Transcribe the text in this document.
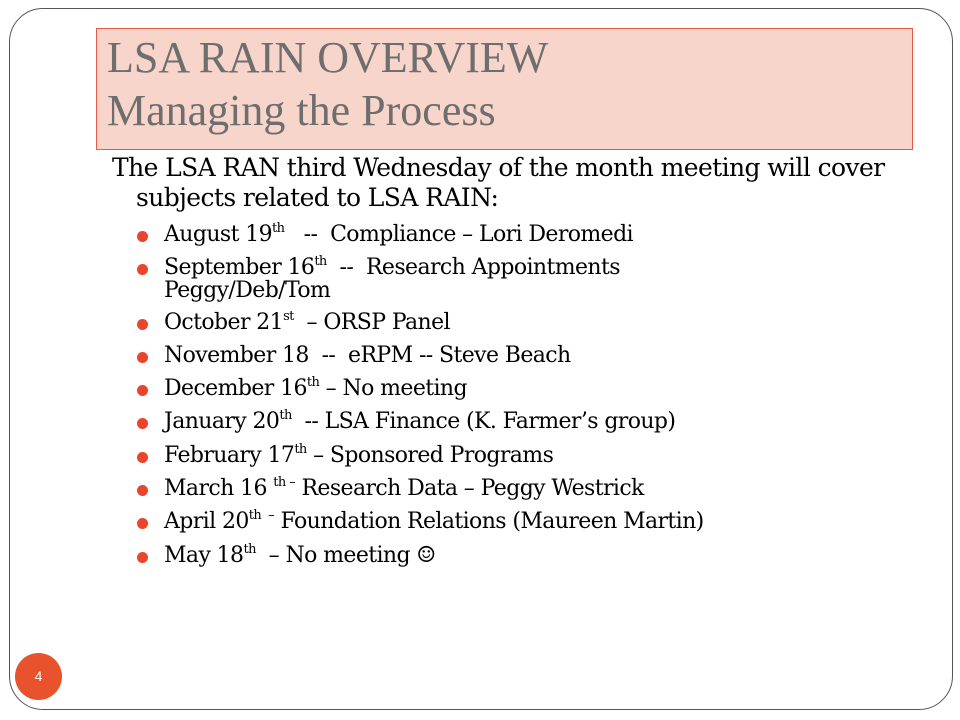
LSA RAIN OVERVIEW
Managing the Process
The LSA RAN third Wednesday of the month meeting will cover subjects related to LSA RAIN:
August 19th   --  Compliance – Lori Deromedi
September 16th  --  Research Appointments
Peggy/Deb/Tom
October 21st  – ORSP Panel
November 18  --  eRPM -- Steve Beach
December 16th – No meeting
January 20th  -- LSA Finance (K. Farmer’s group)
February 17th – Sponsored Programs
March 16 $^{th -}$ Research Data – Peggy Westrick
April $20^{th -}$ Foundation Relations (Maureen Martin)
May 18th  – No meeting ☺
4
